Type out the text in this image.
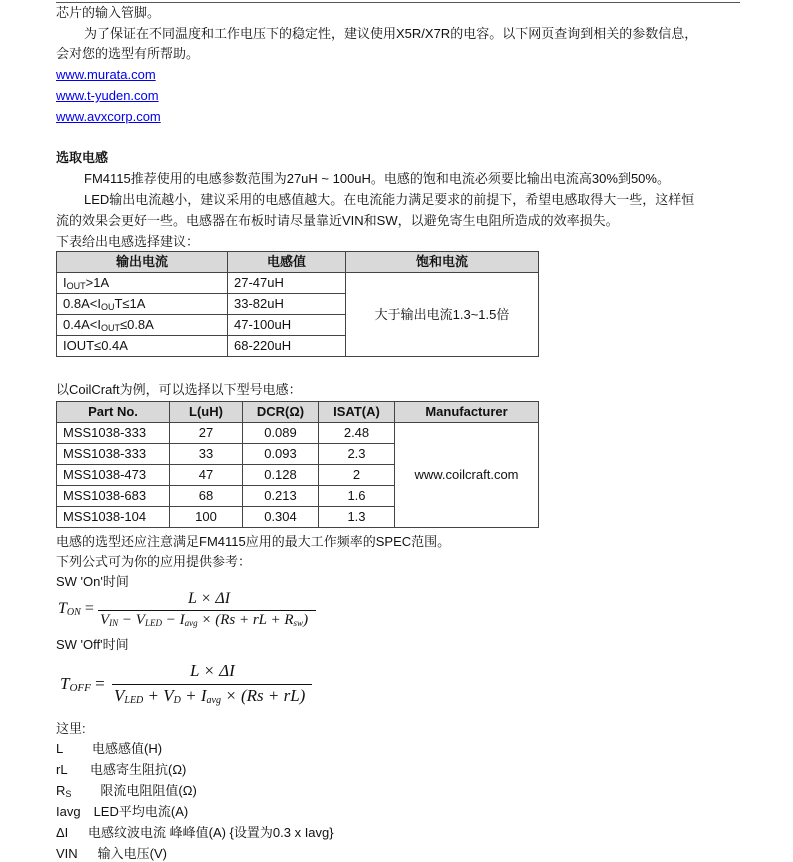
芯片的输入管脚。
为了保证在不同温度和工作电压下的稳定性，建议使用X5R/X7R的电容。以下网页查询到相关的参数信息，
会对您的选型有所帮助。
www.murata.com
www.t-yuden.com
www.avxcorp.com
选取电感
FM4115推荐使用的电感参数范围为27uH ~ 100uH。电感的饱和电流必须要比输出电流高30%到50%。
LED输出电流越小，建议采用的电感值越大。在电流能力满足要求的前提下，希望电感取得大一些，这样恒
流的效果会更好一些。电感器在布板时请尽量靠近VIN和SW，以避免寄生电阻所造成的效率损失。
下表给出电感选择建议：
输出电流	电感值	饱和电流
$I_{OUT}>1A$	27-47uH	大于输出电流1.3~1.5倍
$0.8A<I_{OU}T\le 1A$	33-82uH	
$0.4A<I_{OUT}\le 0.8A$	47-100uH	
IOUT≤0.4A	68-220uH	
以CoilCraft为例，可以选择以下型号电感：
Part No.	L(uH)	DCR(Ω)	ISAT(A)	Manufacturer
MSS1038-333	27	0.089	2.48	www.coilcraft.com
MSS1038-333	33	0.093	2.3	
MSS1038-473	47	0.128	2	
MSS1038-683	68	0.213	1.6	
MSS1038-104	100	0.304	1.3	
电感的选型还应注意满足FM4115应用的最大工作频率的SPEC范围。
下列公式可为你的应用提供参考：
SW 'On'时间
$T_{ON}$ =
L × ΔI
$V_{IN} - V_{LED} - I_{avg} \times (Rs$ + rL + $R_{sw}$)
SW 'Off'时间
$T_{OFF}$ =
L × ΔI
$V_{LED} + V_D + I_{avg} \times (Rs + rL)$
这里:
L 电感感值(H)
rL 电感寄生阻抗(Ω)
$R_S$ 限流电阻阻值(Ω)
Iavg LED平均电流(A)
ΔI 电感纹波电流 峰峰值(A) {设置为0.3 x Iavg}
VIN 输入电压(V)
